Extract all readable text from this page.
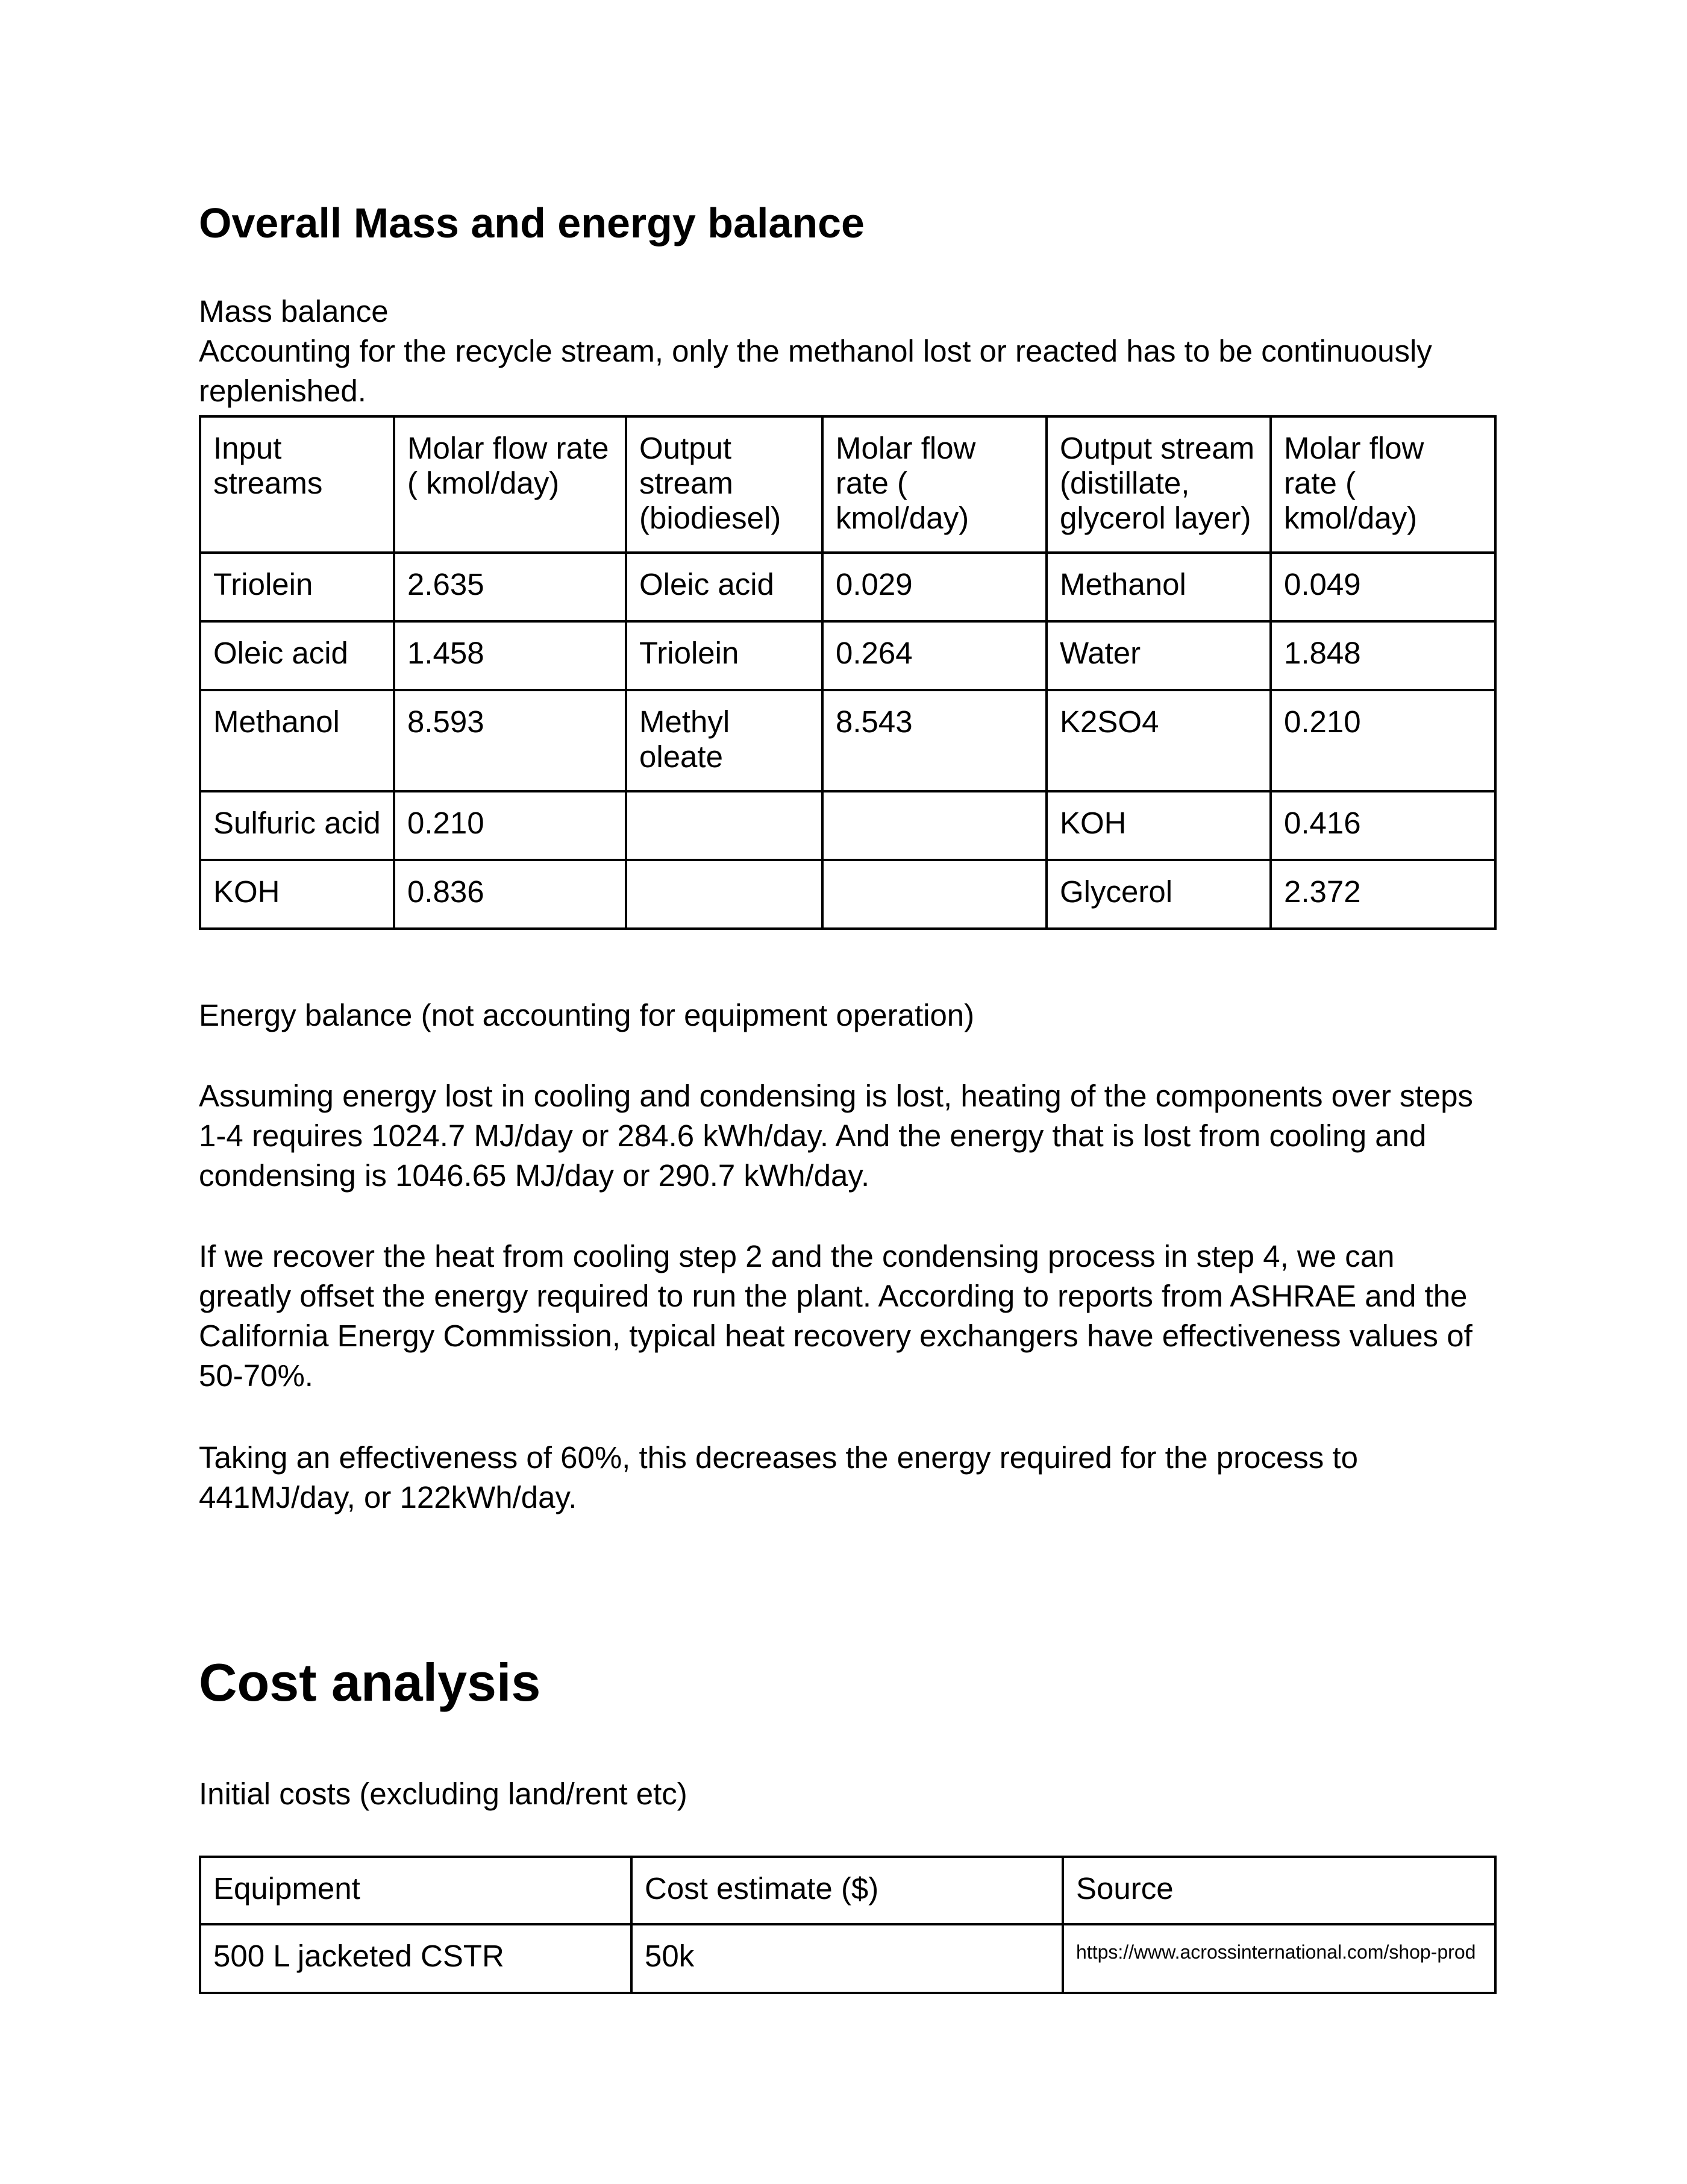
Overall Mass and energy balance

Mass balance

Accounting for the recycle stream, only the methanol lost or reacted has to be continuously replenished.

Input streams	Molar flow rate ( kmol/day)	Output stream (biodiesel)	Molar flow rate ( kmol/day)	Output stream (distillate, glycerol layer)	Molar flow rate ( kmol/day)
Triolein	2.635	Oleic acid	0.029	Methanol	0.049
Oleic acid	1.458	Triolein	0.264	Water	1.848
Methanol	8.593	Methyl oleate	8.543	K2SO4	0.210
Sulfuric acid	0.210			KOH	0.416
KOH	0.836			Glycerol	2.372

Energy balance (not accounting for equipment operation)

Assuming energy lost in cooling and condensing is lost, heating of the components over steps 1-4 requires 1024.7 MJ/day or 284.6 kWh/day. And the energy that is lost from cooling and condensing is 1046.65 MJ/day or 290.7 kWh/day.

If we recover the heat from cooling step 2 and the condensing process in step 4, we can greatly offset the energy required to run the plant. According to reports from ASHRAE and the California Energy Commission, typical heat recovery exchangers have effectiveness values of 50-70%.

Taking an effectiveness of 60%, this decreases the energy required for the process to 441MJ/day, or 122kWh/day.

Cost analysis

Initial costs (excluding land/rent etc)

Equipment	Cost estimate ($)	Source
500 L jacketed CSTR	50k	https://www.acrossinternational.com/shop-prod
